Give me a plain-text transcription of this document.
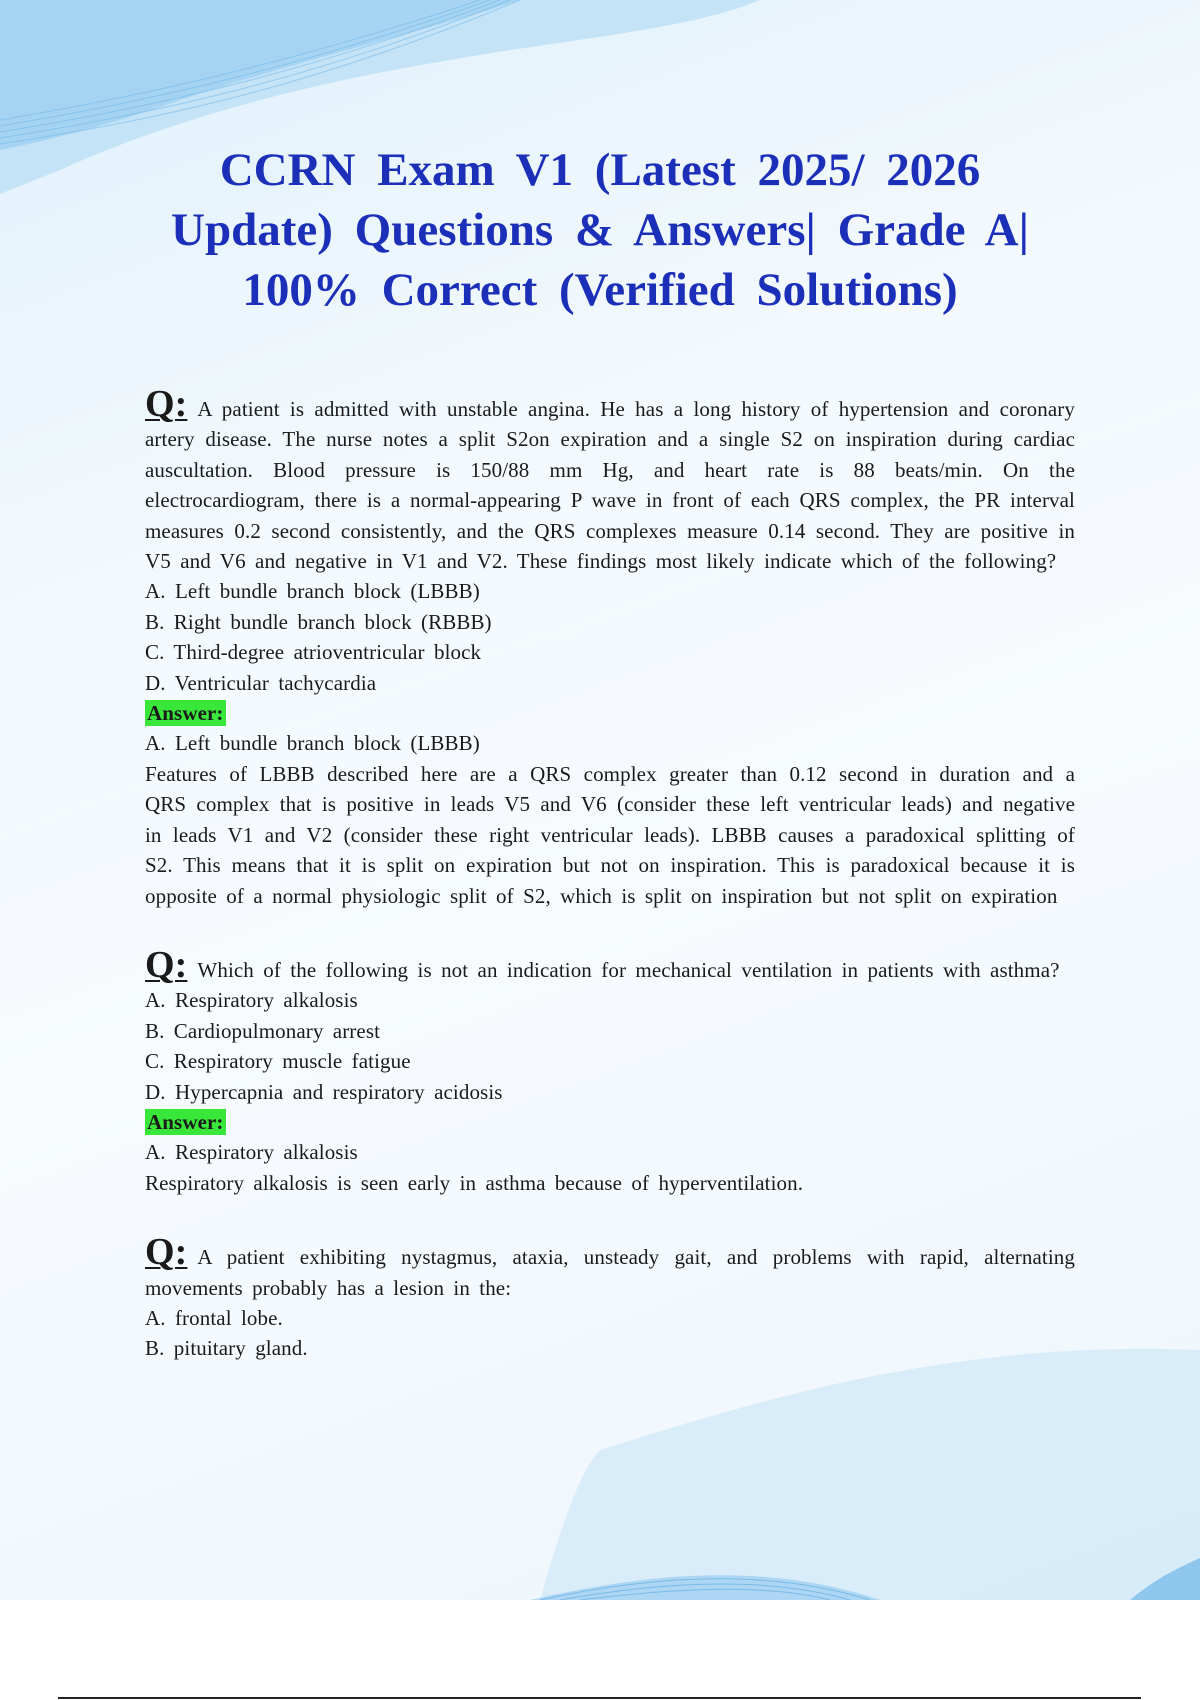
CCRN Exam V1 (Latest 2025/ 2026 Update) Questions & Answers| Grade A| 100% Correct (Verified Solutions)

Q: A patient is admitted with unstable angina. He has a long history of hypertension and coronary artery disease. The nurse notes a split S2on expiration and a single S2 on inspiration during cardiac auscultation. Blood pressure is 150/88 mm Hg, and heart rate is 88 beats/min. On the electrocardiogram, there is a normal-appearing P wave in front of each QRS complex, the PR interval measures 0.2 second consistently, and the QRS complexes measure 0.14 second. They are positive in V5 and V6 and negative in V1 and V2. These findings most likely indicate which of the following?

A. Left bundle branch block (LBBB)

B. Right bundle branch block (RBBB)

C. Third-degree atrioventricular block

D. Ventricular tachycardia

Answer:

A. Left bundle branch block (LBBB)

Features of LBBB described here are a QRS complex greater than 0.12 second in duration and a QRS complex that is positive in leads V5 and V6 (consider these left ventricular leads) and negative in leads V1 and V2 (consider these right ventricular leads). LBBB causes a paradoxical splitting of S2. This means that it is split on expiration but not on inspiration. This is paradoxical because it is opposite of a normal physiologic split of S2, which is split on inspiration but not split on expiration

Q: Which of the following is not an indication for mechanical ventilation in patients with asthma?

A. Respiratory alkalosis

B. Cardiopulmonary arrest

C. Respiratory muscle fatigue

D. Hypercapnia and respiratory acidosis

Answer:

A. Respiratory alkalosis

Respiratory alkalosis is seen early in asthma because of hyperventilation.

Q: A patient exhibiting nystagmus, ataxia, unsteady gait, and problems with rapid, alternating movements probably has a lesion in the:

A. frontal lobe.

B. pituitary gland.
